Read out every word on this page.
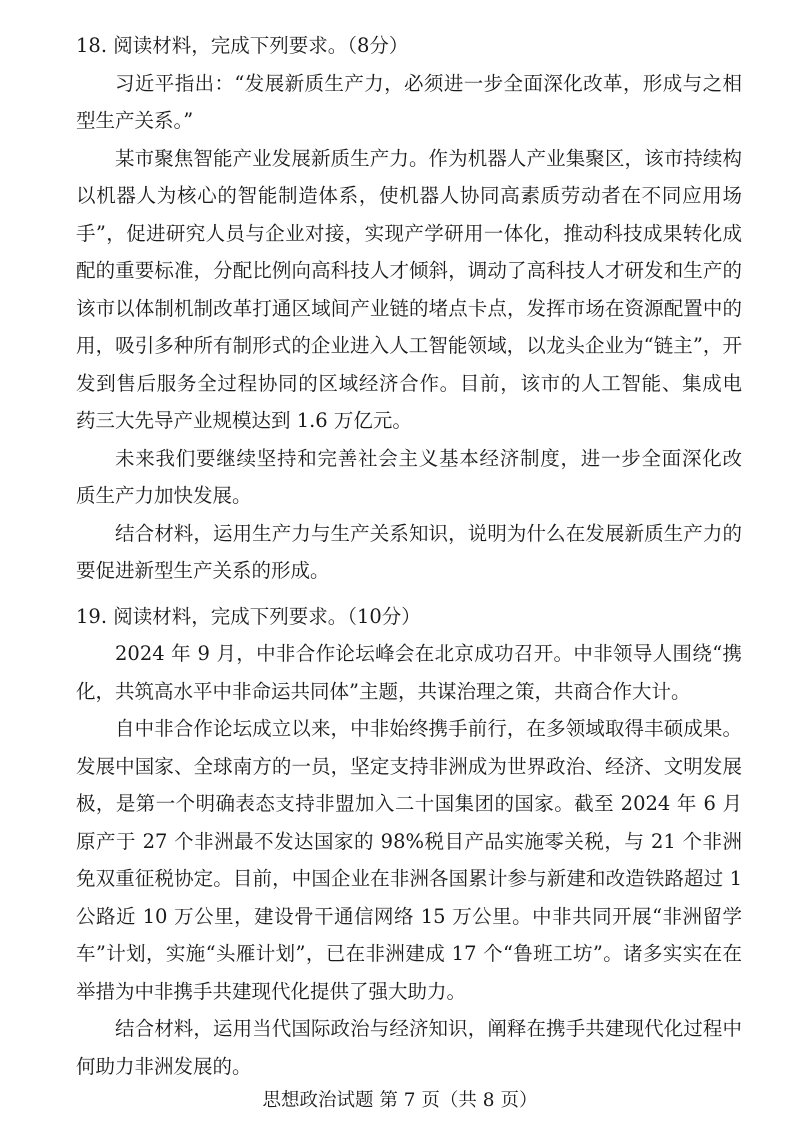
18. 阅读材料，完成下列要求。（8分）
习近平指出：“发展新质生产力，必须进一步全面深化改革，形成与之相
型生产关系。”
某市聚焦智能产业发展新质生产力。作为机器人产业集聚区，该市持续构
以机器人为核心的智能制造体系，使机器人协同高素质劳动者在不同应用场
手”，促进研究人员与企业对接，实现产学研用一体化，推动科技成果转化成
配的重要标准，分配比例向高科技人才倾斜，调动了高科技人才研发和生产的
该市以体制机制改革打通区域间产业链的堵点卡点，发挥市场在资源配置中的
用，吸引多种所有制形式的企业进入人工智能领域，以龙头企业为“链主”，开
发到售后服务全过程协同的区域经济合作。目前，该市的人工智能、集成电
药三大先导产业规模达到 1.6 万亿元。
未来我们要继续坚持和完善社会主义基本经济制度，进一步全面深化改
质生产力加快发展。
结合材料，运用生产力与生产关系知识，说明为什么在发展新质生产力的
要促进新型生产关系的形成。
19. 阅读材料，完成下列要求。（10分）
2024 年 9 月，中非合作论坛峰会在北京成功召开。中非领导人围绕“携
化，共筑高水平中非命运共同体”主题，共谋治理之策，共商合作大计。
自中非合作论坛成立以来，中非始终携手前行，在多领域取得丰硕成果。
发展中国家、全球南方的一员，坚定支持非洲成为世界政治、经济、文明发展
极，是第一个明确表态支持非盟加入二十国集团的国家。截至 2024 年 6 月
原产于 27 个非洲最不发达国家的 98%税目产品实施零关税，与 21 个非洲
免双重征税协定。目前，中国企业在非洲各国累计参与新建和改造铁路超过 1
公路近 10 万公里，建设骨干通信网络 15 万公里。中非共同开展“非洲留学
车”计划，实施“头雁计划”，已在非洲建成 17 个“鲁班工坊”。诸多实实在在
举措为中非携手共建现代化提供了强大助力。
结合材料，运用当代国际政治与经济知识，阐释在携手共建现代化过程中
何助力非洲发展的。
思想政治试题 第 7 页（共 8 页）
